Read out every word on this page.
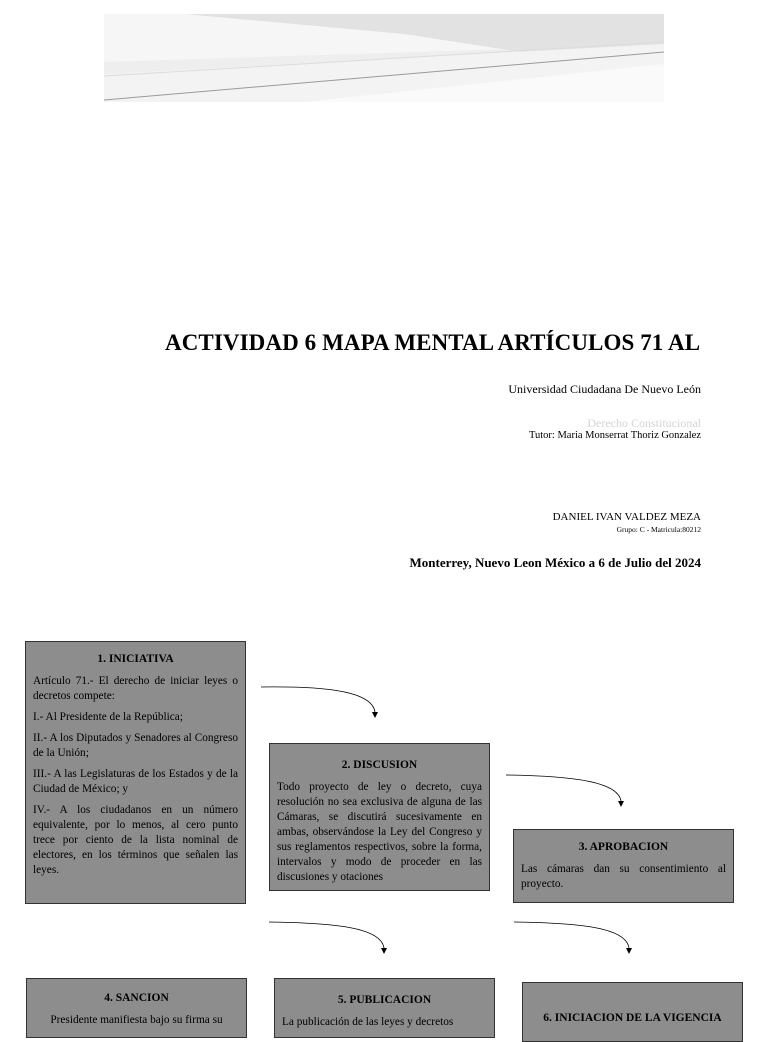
ACTIVIDAD 6 MAPA MENTAL ARTÍCULOS 71 AL
Universidad Ciudadana De Nuevo León
Derecho Constitucional
Tutor: Maria Monserrat Thoriz Gonzalez
DANIEL IVAN VALDEZ MEZA
Grupo: C - Matricula:80212
Monterrey, Nuevo Leon México a 6 de Julio del 2024
1. INICIATIVA

Artículo 71.- El derecho de iniciar leyes o decretos compete:

I.- Al Presidente de la República;

II.- A los Diputados y Senadores al Congreso de la Unión;

III.- A las Legislaturas de los Estados y de la Ciudad de México; y

IV.- A los ciudadanos en un número equivalente, por lo menos, al cero punto trece por ciento de la lista nominal de electores, en los términos que señalen las leyes.

2. DISCUSION

Todo proyecto de ley o decreto, cuya resolución no sea exclusiva de alguna de las Cámaras, se discutirá sucesivamente en ambas, observándose la Ley del Congreso y sus reglamentos respectivos, sobre la forma, intervalos y modo de proceder en las discusiones y otaciones

3. APROBACION

Las cámaras dan su consentimiento al proyecto.

4. SANCION

Presidente manifiesta bajo su firma su

5. PUBLICACION

La publicación de las leyes y decretos	6. INICIACION DE LA VIGENCIA
